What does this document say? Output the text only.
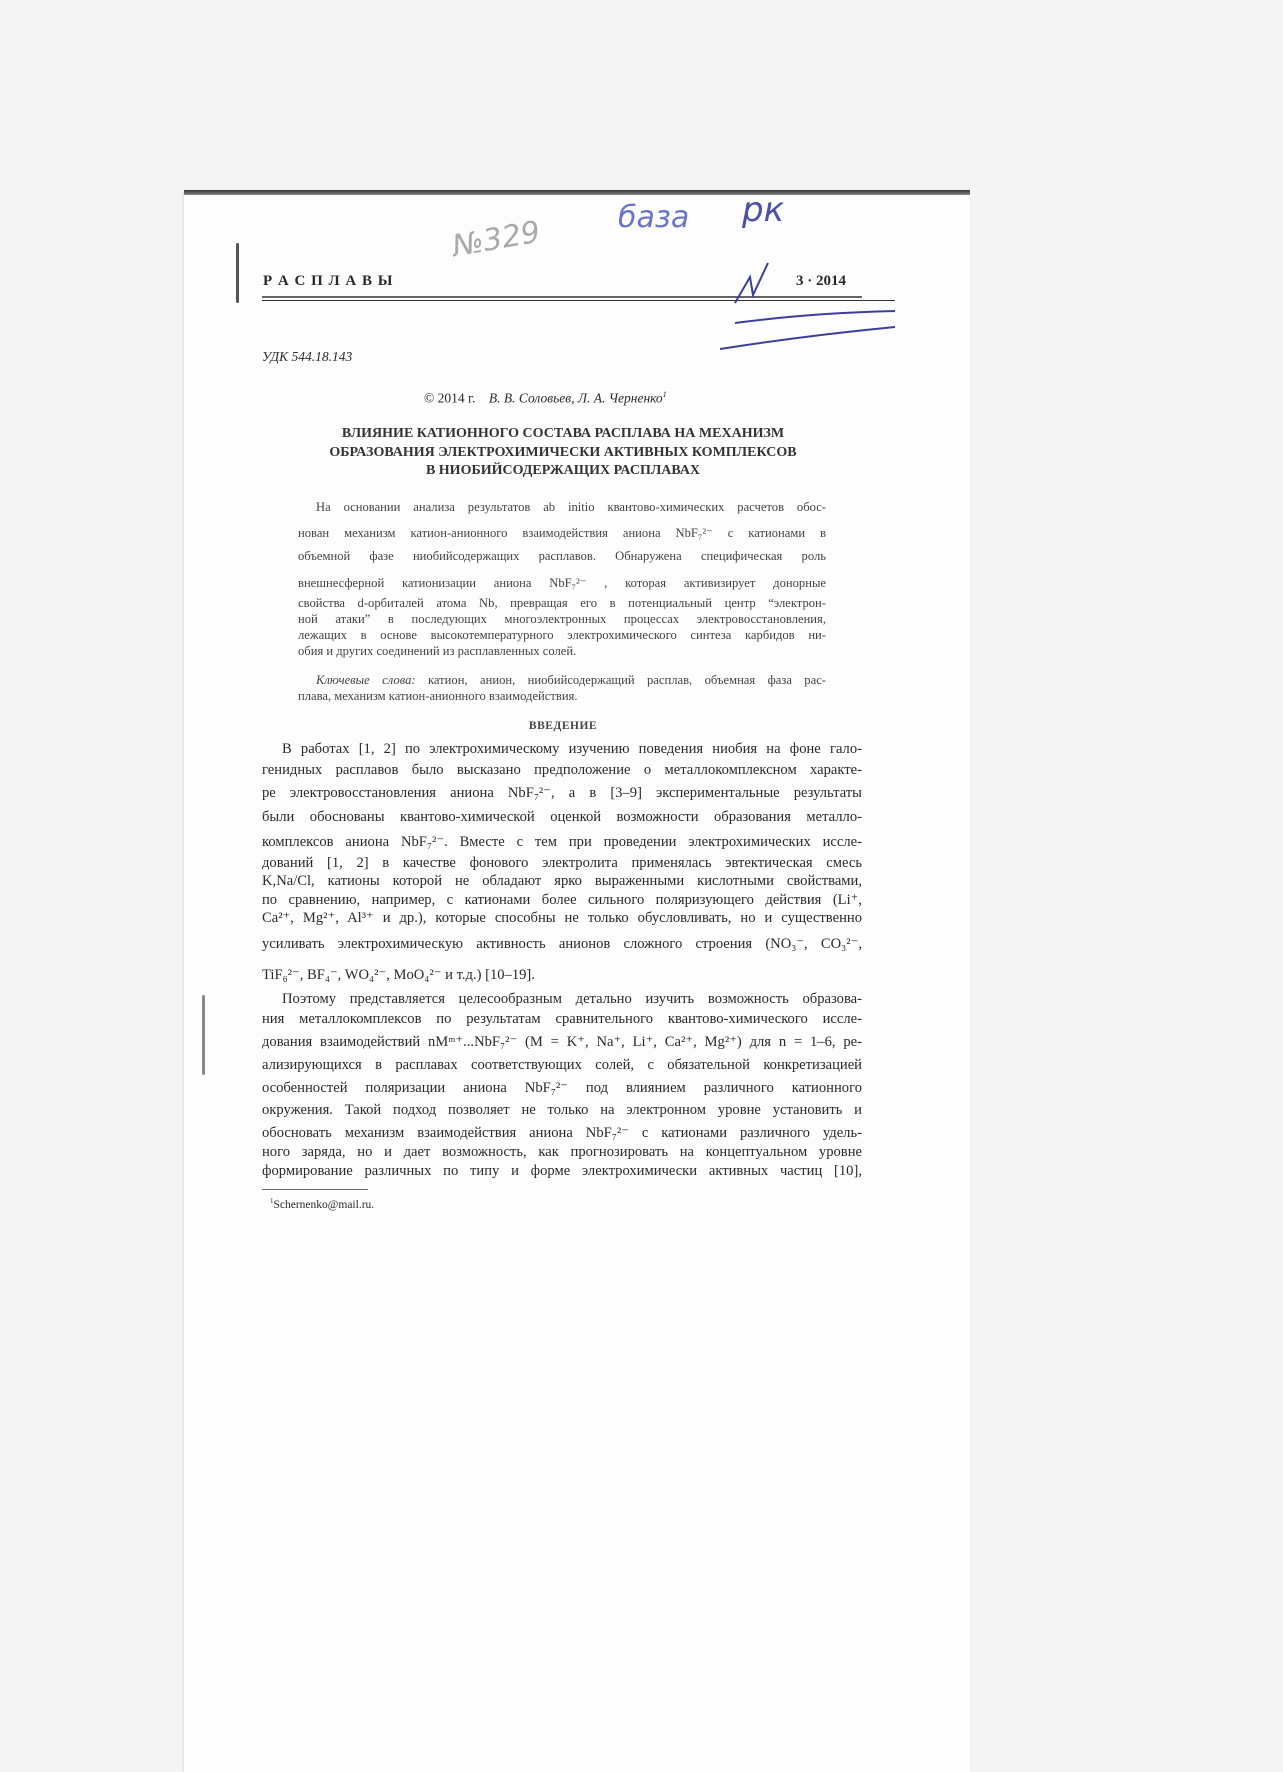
№329	база рк
Р А С П Л А В Ы	3 · 2014
УДК 544.18.143
© 2014 г. В. В. Соловьев, Л. А. Черненко$^1$
ВЛИЯНИЕ КАТИОННОГО СОСТАВА РАСПЛАВА НА МЕХАНИЗМ
ОБРАЗОВАНИЯ ЭЛЕКТРОХИМИЧЕСКИ АКТИВНЫХ КОМПЛЕКСОВ
В НИОБИЙСОДЕРЖАЩИХ РАСПЛАВАХ
На основании анализа результатов ab initio квантово-химических расчетов обос-
нован механизм катион-анионного взаимодействия аниона NbF₇²⁻ с катионами в
объемной фазе ниобийсодержащих расплавов. Обнаружена специфическая роль
внешнесферной катионизации аниона NbF₇²⁻ , которая активизирует донорные
свойства d-орбиталей атома Nb, превращая его в потенциальный центр “электрон-
ной атаки” в последующих многоэлектронных процессах электровосстановления,
лежащих в основе высокотемпературного электрохимического синтеза карбидов ни-
обия и других соединений из расплавленных солей.
Ключевые слова: катион, анион, ниобийсодержащий расплав, объемная фаза рас-
плава, механизм катион-анионного взаимодействия.
ВВЕДЕНИЕ
В работах [1, 2] по электрохимическому изучению поведения ниобия на фоне гало-
генидных расплавов было высказано предположение о металлокомплексном характе-
ре электровосстановления аниона NbF₇²⁻, а в [3–9] экспериментальные результаты
были обоснованы квантово-химической оценкой возможности образования металло-
комплексов аниона NbF₇²⁻. Вместе с тем при проведении электрохимических иссле-
дований [1, 2] в качестве фонового электролита применялась эвтектическая смесь
K,Na/Cl, катионы которой не обладают ярко выраженными кислотными свойствами,
по сравнению, например, с катионами более сильного поляризующего действия (Li⁺,
Ca²⁺, Mg²⁺, Al³⁺ и др.), которые способны не только обусловливать, но и существенно
усиливать электрохимическую активность анионов сложного строения (NO₃⁻, CO₃²⁻,
TiF₆²⁻, BF₄⁻, WO₄²⁻, MoO₄²⁻ и т.д.) [10–19].
Поэтому представляется целесообразным детально изучить возможность образова-
ния металлокомплексов по результатам сравнительного квантово-химического иссле-
дования взаимодействий nMᵐ⁺...NbF₇²⁻ (M = K⁺, Na⁺, Li⁺, Ca²⁺, Mg²⁺) для n = 1–6, ре-
ализирующихся в расплавах соответствующих солей, с обязательной конкретизацией
особенностей поляризации аниона NbF₇²⁻ под влиянием различного катионного
окружения. Такой подход позволяет не только на электронном уровне установить и
обосновать механизм взаимодействия аниона NbF₇²⁻ с катионами различного удель-
ного заряда, но и дает возможность, как прогнозировать на концептуальном уровне
формирование различных по типу и форме электрохимически активных частиц [10],
$^1$Schernenko@mail.ru.
